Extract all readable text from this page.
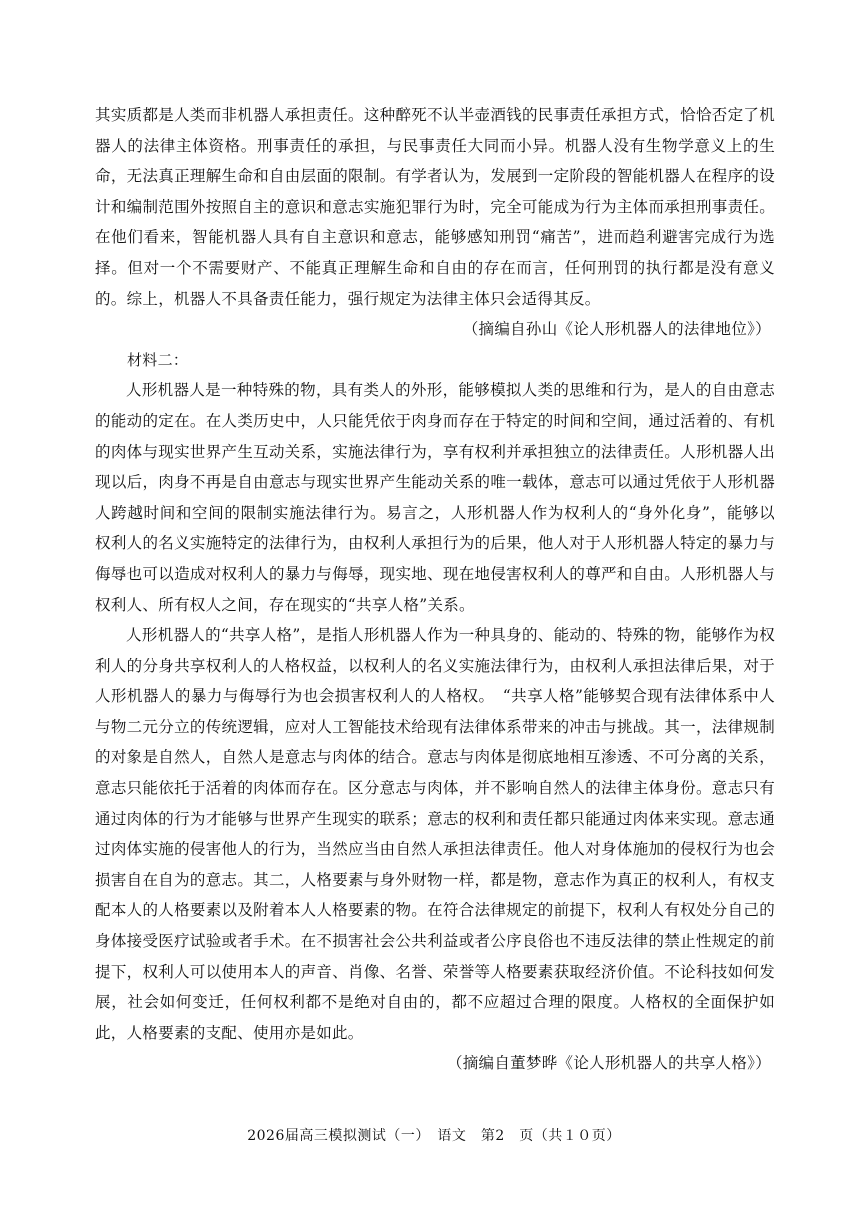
其实质都是人类而非机器人承担责任。这种醉死不认半壶酒钱的民事责任承担方式，恰恰否定了机器人的法律主体资格。刑事责任的承担，与民事责任大同而小异。机器人没有生物学意义上的生命，无法真正理解生命和自由层面的限制。有学者认为，发展到一定阶段的智能机器人在程序的设计和编制范围外按照自主的意识和意志实施犯罪行为时，完全可能成为行为主体而承担刑事责任。在他们看来，智能机器人具有自主意识和意志，能够感知刑罚“痛苦”，进而趋利避害完成行为选择。但对一个不需要财产、不能真正理解生命和自由的存在而言，任何刑罚的执行都是没有意义的。综上，机器人不具备责任能力，强行规定为法律主体只会适得其反。

（摘编自孙山《论人形机器人的法律地位》）

材料二：

人形机器人是一种特殊的物，具有类人的外形，能够模拟人类的思维和行为，是人的自由意志的能动的定在。在人类历史中，人只能凭依于肉身而存在于特定的时间和空间，通过活着的、有机的肉体与现实世界产生互动关系，实施法律行为，享有权利并承担独立的法律责任。人形机器人出现以后，肉身不再是自由意志与现实世界产生能动关系的唯一载体，意志可以通过凭依于人形机器人跨越时间和空间的限制实施法律行为。易言之，人形机器人作为权利人的“身外化身”，能够以权利人的名义实施特定的法律行为，由权利人承担行为的后果，他人对于人形机器人特定的暴力与侮辱也可以造成对权利人的暴力与侮辱，现实地、现在地侵害权利人的尊严和自由。人形机器人与权利人、所有权人之间，存在现实的“共享人格”关系。

人形机器人的“共享人格”，是指人形机器人作为一种具身的、能动的、特殊的物，能够作为权利人的分身共享权利人的人格权益，以权利人的名义实施法律行为，由权利人承担法律后果，对于人形机器人的暴力与侮辱行为也会损害权利人的人格权。　“共享人格”能够契合现有法律体系中人与物二元分立的传统逻辑，应对人工智能技术给现有法律体系带来的冲击与挑战。其一，法律规制的对象是自然人，自然人是意志与肉体的结合。意志与肉体是彻底地相互渗透、不可分离的关系，意志只能依托于活着的肉体而存在。区分意志与肉体，并不影响自然人的法律主体身份。意志只有通过肉体的行为才能够与世界产生现实的联系；意志的权利和责任都只能通过肉体来实现。意志通过肉体实施的侵害他人的行为，当然应当由自然人承担法律责任。他人对身体施加的侵权行为也会损害自在自为的意志。其二，人格要素与身外财物一样，都是物，意志作为真正的权利人，有权支配本人的人格要素以及附着本人人格要素的物。在符合法律规定的前提下，权利人有权处分自己的身体接受医疗试验或者手术。在不损害社会公共利益或者公序良俗也不违反法律的禁止性规定的前提下，权利人可以使用本人的声音、肖像、名誉、荣誉等人格要素获取经济价值。不论科技如何发展，社会如何变迁，任何权利都不是绝对自由的，都不应超过合理的限度。人格权的全面保护如此，人格要素的支配、使用亦是如此。

（摘编自董梦晔《论人形机器人的共享人格》）

2026届高三模拟测试（一）　语文　第2　页（共１０页）
